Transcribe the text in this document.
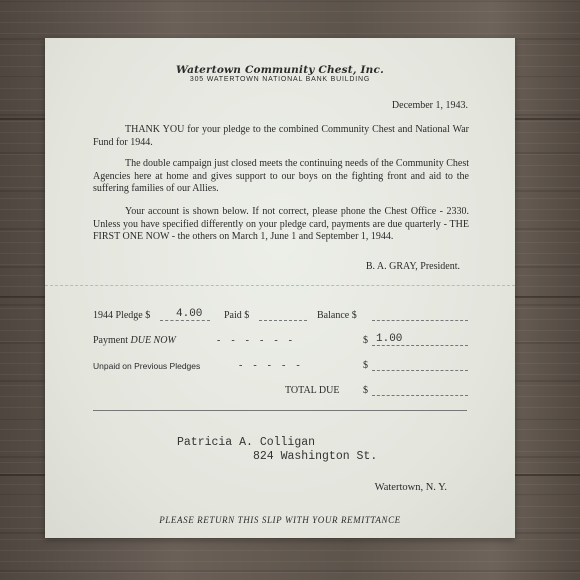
Watertown Community Chest, Inc.
305 WATERTOWN NATIONAL BANK BUILDING
December 1, 1943.

THANK YOU for your pledge to the combined Community Chest and National War Fund for 1944.

The double campaign just closed meets the continuing needs of the Community Chest Agencies here at home and gives support to our boys on the fighting front and aid to the suffering families of our Allies.

Your account is shown below. If not correct, please phone the Chest Office - 2330. Unless you have specified differently on your pledge card, payments are due quarterly - THE FIRST ONE NOW - the others on March 1, June 1 and September 1, 1944.

B. A. GRAY, President.
1944 Pledge $ 4.00 Paid $	Balance $
Payment DUE NOW	------	$ 1.00
Unpaid on Previous Pledges	-----	$
TOTAL DUE $
Patricia A. Colligan
824 Washington St.
Watertown, N. Y.
PLEASE RETURN THIS SLIP WITH YOUR REMITTANCE
